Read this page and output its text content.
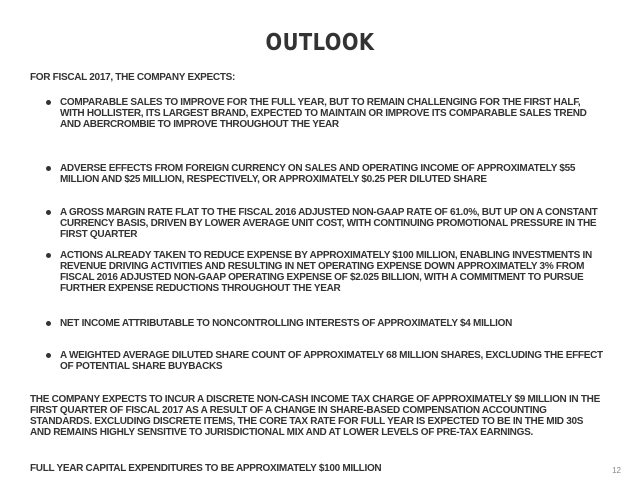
OUTLOOK
FOR FISCAL 2017, THE COMPANY EXPECTS:
COMPARABLE SALES TO IMPROVE FOR THE FULL YEAR, BUT TO REMAIN CHALLENGING FOR THE FIRST HALF, WITH HOLLISTER, ITS LARGEST BRAND, EXPECTED TO MAINTAIN OR IMPROVE ITS COMPARABLE SALES TREND AND ABERCROMBIE TO IMPROVE THROUGHOUT THE YEAR
ADVERSE EFFECTS FROM FOREIGN CURRENCY ON SALES AND OPERATING INCOME OF APPROXIMATELY $55 MILLION AND $25 MILLION, RESPECTIVELY, OR APPROXIMATELY $0.25 PER DILUTED SHARE
A GROSS MARGIN RATE FLAT TO THE FISCAL 2016 ADJUSTED NON-GAAP RATE OF 61.0%, BUT UP ON A CONSTANT CURRENCY BASIS, DRIVEN BY LOWER AVERAGE UNIT COST, WITH CONTINUING PROMOTIONAL PRESSURE IN THE FIRST QUARTER
ACTIONS ALREADY TAKEN TO REDUCE EXPENSE BY APPROXIMATELY $100 MILLION, ENABLING INVESTMENTS IN REVENUE DRIVING ACTIVITIES AND RESULTING IN NET OPERATING EXPENSE DOWN APPROXIMATELY 3% FROM FISCAL 2016 ADJUSTED NON-GAAP OPERATING EXPENSE OF $2.025 BILLION, WITH A COMMITMENT TO PURSUE FURTHER EXPENSE REDUCTIONS THROUGHOUT THE YEAR
NET INCOME ATTRIBUTABLE TO NONCONTROLLING INTERESTS OF APPROXIMATELY $4 MILLION
A WEIGHTED AVERAGE DILUTED SHARE COUNT OF APPROXIMATELY 68 MILLION SHARES, EXCLUDING THE EFFECT OF POTENTIAL SHARE BUYBACKS
THE COMPANY EXPECTS TO INCUR A DISCRETE NON-CASH INCOME TAX CHARGE OF APPROXIMATELY $9 MILLION IN THE FIRST QUARTER OF FISCAL 2017 AS A RESULT OF A CHANGE IN SHARE-BASED COMPENSATION ACCOUNTING STANDARDS. EXCLUDING DISCRETE ITEMS, THE CORE TAX RATE FOR FULL YEAR IS EXPECTED TO BE IN THE MID 30S AND REMAINS HIGHLY SENSITIVE TO JURISDICTIONAL MIX AND AT LOWER LEVELS OF PRE-TAX EARNINGS.
FULL YEAR CAPITAL EXPENDITURES TO BE APPROXIMATELY $100 MILLION	12
